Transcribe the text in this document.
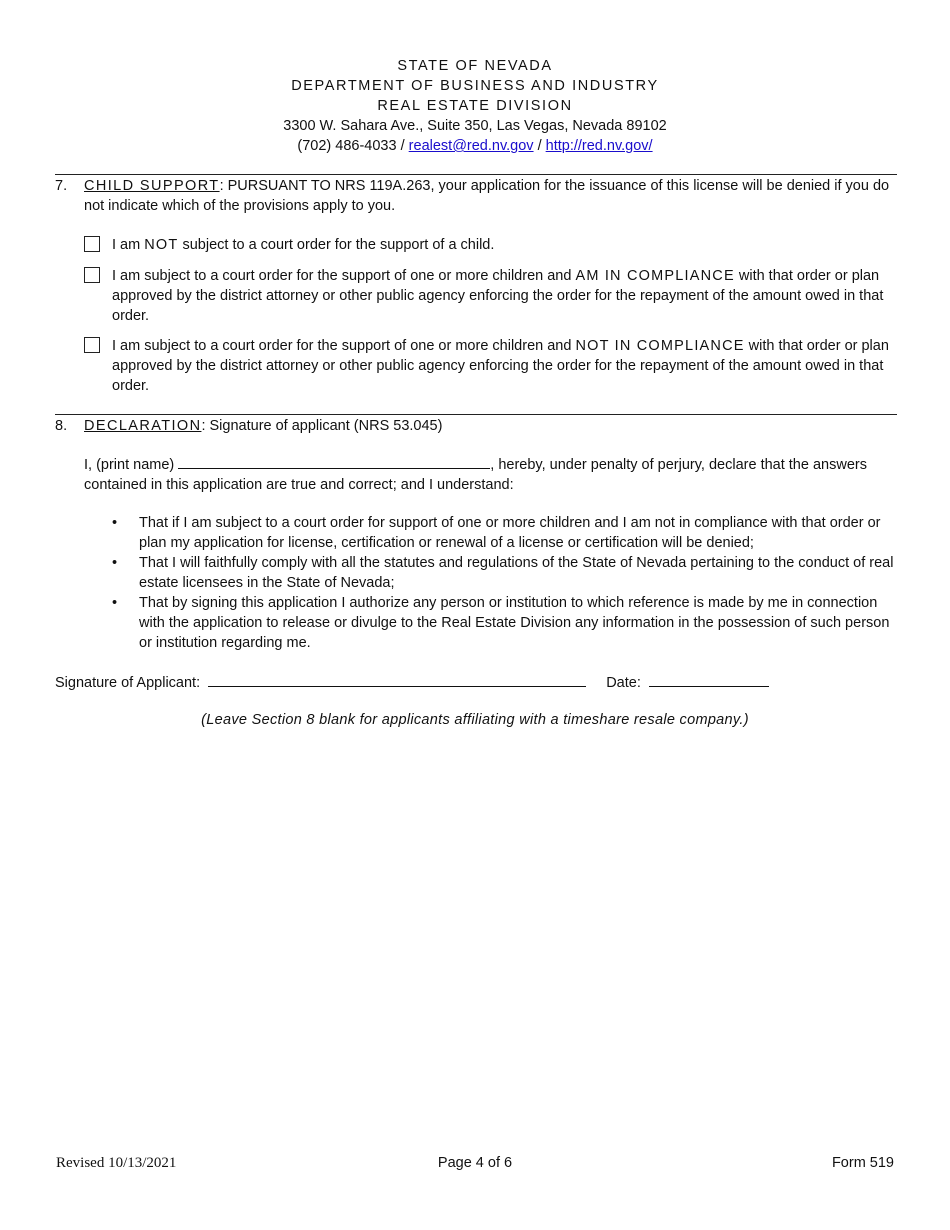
STATE OF NEVADA
DEPARTMENT OF BUSINESS AND INDUSTRY
REAL ESTATE DIVISION
3300 W. Sahara Ave., Suite 350, Las Vegas, Nevada 89102
(702) 486-4033 / realest@red.nv.gov / http://red.nv.gov/
7. CHILD SUPPORT: PURSUANT TO NRS 119A.263, your application for the issuance of this license will be denied if you do not indicate which of the provisions apply to you.
I am NOT subject to a court order for the support of a child.
I am subject to a court order for the support of one or more children and AM IN COMPLIANCE with that order or plan approved by the district attorney or other public agency enforcing the order for the repayment of the amount owed in that order.
I am subject to a court order for the support of one or more children and NOT IN COMPLIANCE with that order or plan approved by the district attorney or other public agency enforcing the order for the repayment of the amount owed in that order.
8. DECLARATION: Signature of applicant (NRS 53.045)
I, (print name)	, hereby, under penalty of perjury, declare that the answers contained in this application are true and correct; and I understand:
• That if I am subject to a court order for support of one or more children and I am not in compliance with that order or plan my application for license, certification or renewal of a license or certification will be denied;
• That I will faithfully comply with all the statutes and regulations of the State of Nevada pertaining to the conduct of real estate licensees in the State of Nevada;
• That by signing this application I authorize any person or institution to which reference is made by me in connection with the application to release or divulge to the Real Estate Division any information in the possession of such person or institution regarding me.
Signature of Applicant:	Date:
(Leave Section 8 blank for applicants affiliating with a timeshare resale company.)
Revised 10/13/2021	Page 4 of 6	Form 519
